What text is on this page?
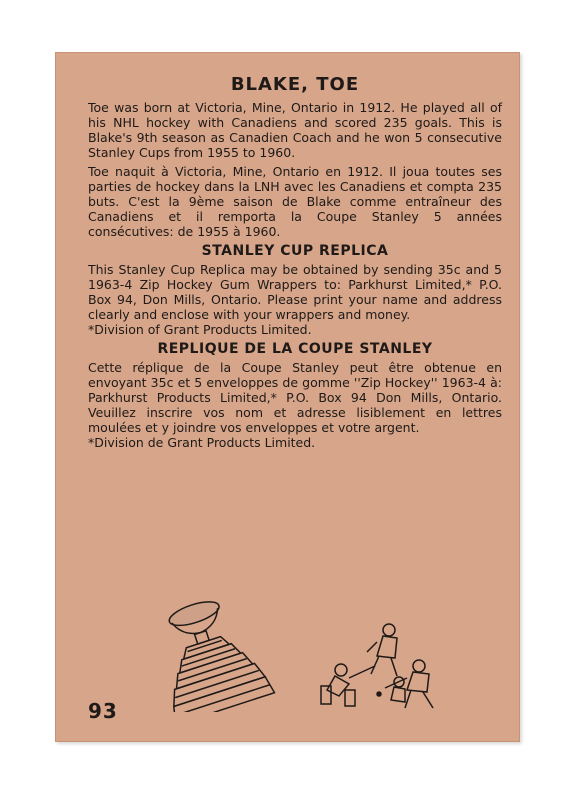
BLAKE, TOE

Toe was born at Victoria, Mine, Ontario in 1912. He played all of his NHL hockey with Canadiens and scored 235 goals. This is Blake's 9th season as Canadien Coach and he won 5 consecutive Stanley Cups from 1955 to 1960.

Toe naquit à Victoria, Mine, Ontario en 1912. Il joua toutes ses parties de hockey dans la LNH avec les Canadiens et compta 235 buts. C'est la 9ème saison de Blake comme entraîneur des Canadiens et il remporta la Coupe Stanley 5 années consécutives: de 1955 à 1960.

STANLEY CUP REPLICA

This Stanley Cup Replica may be obtained by sending 35c and 5 1963-4 Zip Hockey Gum Wrappers to: Parkhurst Limited,* P.O. Box 94, Don Mills, Ontario. Please print your name and address clearly and enclose with your wrappers and money.

*Division of Grant Products Limited.

REPLIQUE DE LA COUPE STANLEY

Cette réplique de la Coupe Stanley peut être obtenue en envoyant 35c et 5 enveloppes de gomme ''Zip Hockey'' 1963-4 à: Parkhurst Products Limited,* P.O. Box 94 Don Mills, Ontario. Veuillez inscrire vos nom et adresse lisiblement en lettres moulées et y joindre vos enveloppes et votre argent.

*Division de Grant Products Limited.

93
